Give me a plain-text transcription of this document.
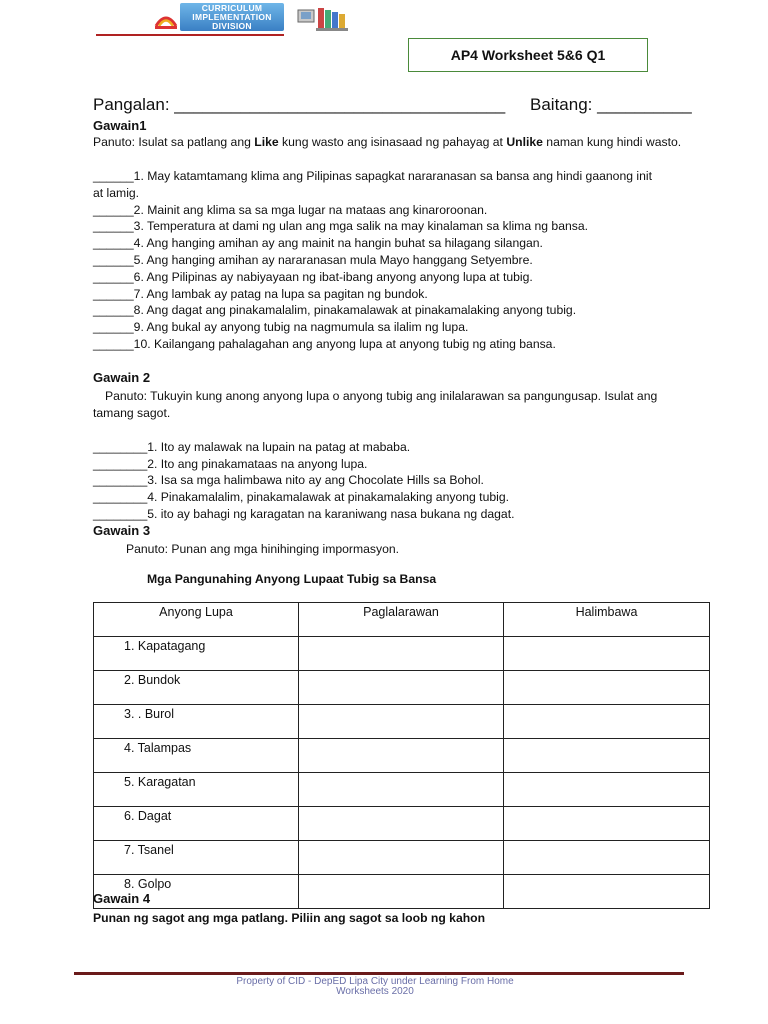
CURRICULUM
IMPLEMENTATION
DIVISION
AP4 Worksheet 5&6 Q1
Pangalan: ___________________________________ Baitang: __________
Gawain1
Panuto: Isulat sa patlang ang Like kung wasto ang isinasaad ng pahayag at Unlike naman kung hindi wasto.
______1. May katamtamang klima ang Pilipinas sapagkat nararanasan sa bansa ang hindi gaanong init
at lamig.
______2. Mainit ang klima sa sa mga lugar na mataas ang kinaroroonan.
______3. Temperatura at dami ng ulan ang mga salik na may kinalaman sa klima ng bansa.
______4. Ang hanging amihan ay ang mainit na hangin buhat sa hilagang silangan.
______5. Ang hanging amihan ay nararanasan mula Mayo hanggang Setyembre.
______6. Ang Pilipinas ay nabiyayaan ng ibat-ibang anyong anyong lupa at tubig.
______7. Ang lambak ay patag na lupa sa pagitan ng bundok.
______8. Ang dagat ang pinakamalalim, pinakamalawak at pinakamalaking anyong tubig.
______9. Ang bukal ay anyong tubig na nagmumula sa ilalim ng lupa.
______10. Kailangang pahalagahan ang anyong lupa at anyong tubig ng ating bansa.
Gawain 2
Panuto: Tukuyin kung anong anyong lupa o anyong tubig ang inilalarawan sa pangungusap. Isulat ang
tamang sagot.
________1. Ito ay malawak na lupain na patag at mababa.
________2. Ito ang pinakamataas na anyong lupa.
________3. Isa sa mga halimbawa nito ay ang Chocolate Hills sa Bohol.
________4. Pinakamalalim, pinakamalawak at pinakamalaking anyong tubig.
________5. ito ay bahagi ng karagatan na karaniwang nasa bukana ng dagat.
Gawain 3
Panuto: Punan ang mga hinihinging impormasyon.
Mga Pangunahing Anyong Lupaat Tubig sa Bansa
Anyong Lupa	Paglalarawan	Halimbawa
1. Kapatagang		
2. Bundok		
3. . Burol		
4. Talampas		
5. Karagatan		
6. Dagat		
7. Tsanel		
8. Golpo		
Gawain 4
Punan ng sagot ang mga patlang. Piliin ang sagot sa loob ng kahon
Property of CID - DepED Lipa City under Learning From Home
Worksheets 2020
